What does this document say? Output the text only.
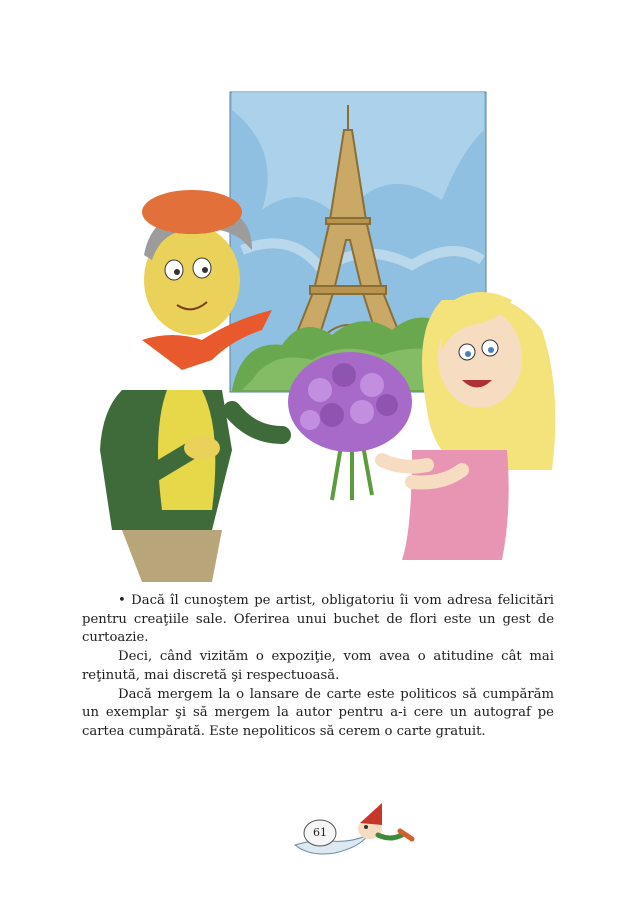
• Dacă îl cunoştem pe artist, obligatoriu îi vom adresa felicitări pentru creaţiile sale. Oferirea unui buchet de flori este un gest de curtoazie.

Deci, când vizităm o expoziţie, vom avea o atitudine cât mai reţinută, mai discretă şi respectuoasă.

Dacă mergem la o lansare de carte este politicos să cumpărăm un exemplar şi să mergem la autor pentru a-i cere un autograf pe cartea cumpărată. Este nepoliticos să cerem o carte gratuit.

61
